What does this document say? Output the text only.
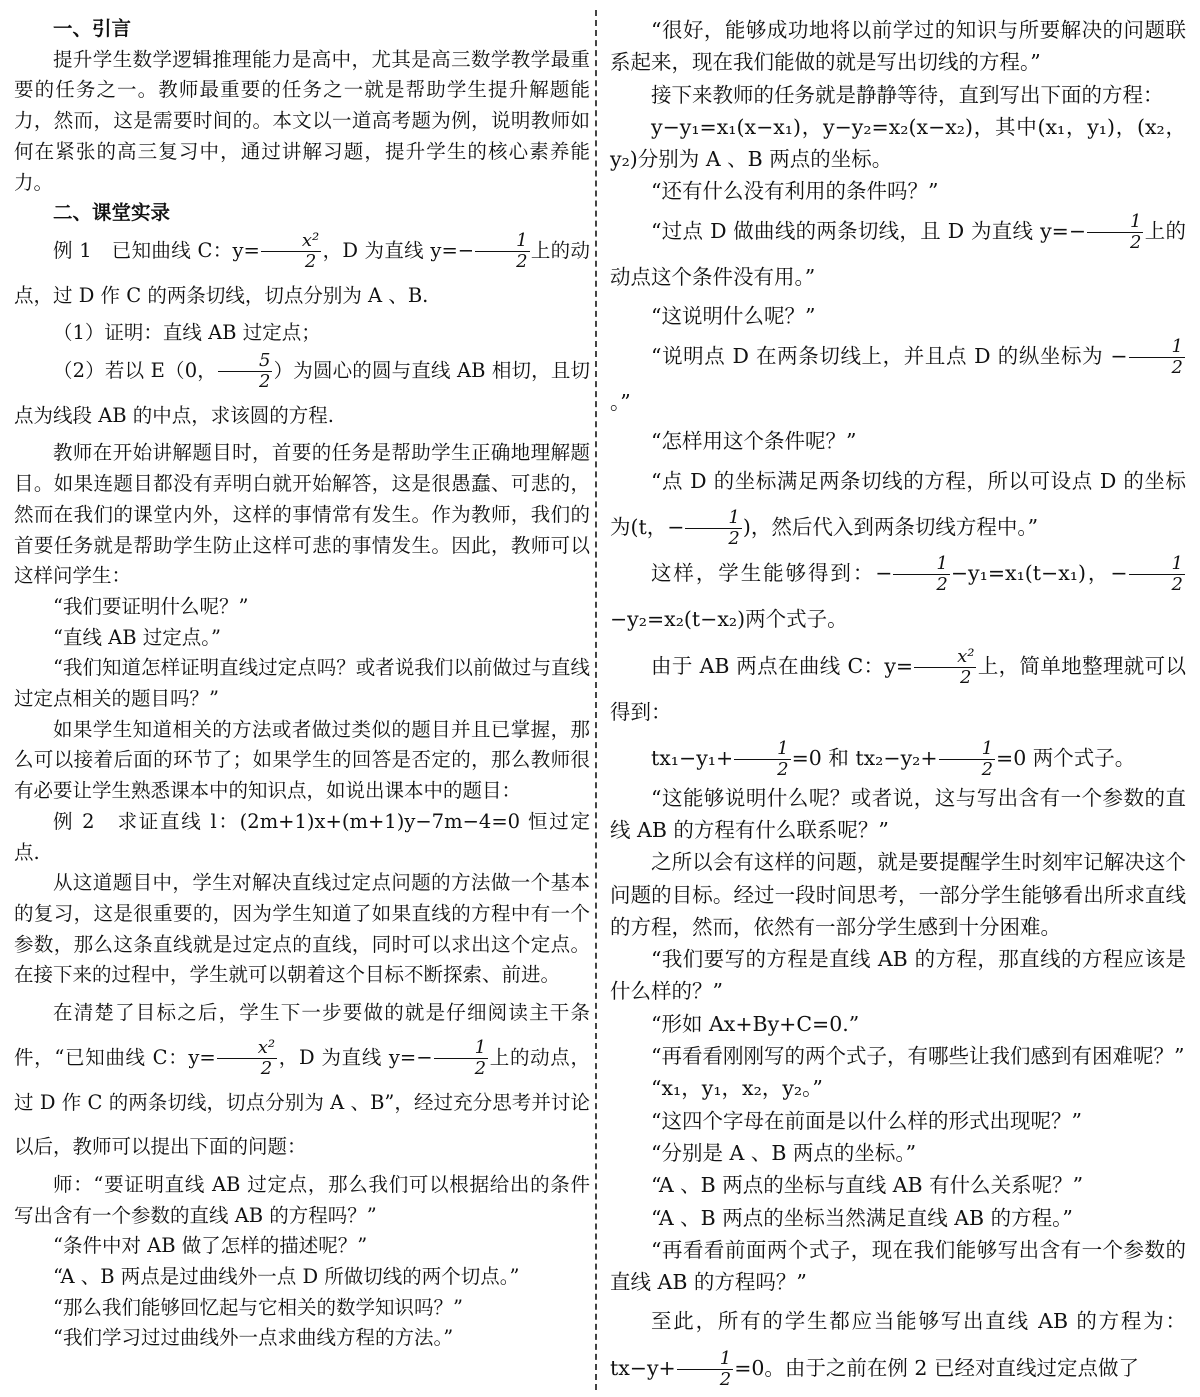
一、引言

提升学生数学逻辑推理能力是高中，尤其是高三数学教学最重要的任务之一。教师最重要的任务之一就是帮助学生提升解题能力，然而，这是需要时间的。本文以一道高考题为例，说明教师如何在紧张的高三复习中，通过讲解习题，提升学生的核心素养能力。

二、课堂实录

例 1　已知曲线 C：$y= \frac{\text{x²}}{2}$ ，D 为直线 $y=- \frac{1}{2}$ 上的动点，过 D 作 C 的两条切线，切点分别为 A 、B.

（1）证明：直线 AB 过定点；

（2）若以 E（0， $\frac{5}{2}$ ）为圆心的圆与直线 AB 相切，且切点为线段 AB 的中点，求该圆的方程.

教师在开始讲解题目时，首要的任务是帮助学生正确地理解题目。如果连题目都没有弄明白就开始解答，这是很愚蠢、可悲的，然而在我们的课堂内外，这样的事情常有发生。作为教师，我们的首要任务就是帮助学生防止这样可悲的事情发生。因此，教师可以这样问学生：

“我们要证明什么呢？”

“直线 AB 过定点。”

“我们知道怎样证明直线过定点吗？或者说我们以前做过与直线过定点相关的题目吗？”

如果学生知道相关的方法或者做过类似的题目并且已掌握，那么可以接着后面的环节了；如果学生的回答是否定的，那么教师很有必要让学生熟悉课本中的知识点，如说出课本中的题目：

例 2　求证直线 l：(2m+1)x+(m+1)y−7m−4=0 恒过定点.

从这道题目中，学生对解决直线过定点问题的方法做一个基本的复习，这是很重要的，因为学生知道了如果直线的方程中有一个参数，那么这条直线就是过定点的直线，同时可以求出这个定点。在接下来的过程中，学生就可以朝着这个目标不断探索、前进。

在清楚了目标之后，学生下一步要做的就是仔细阅读主干条件，“已知曲线 C：$y= \frac{\text{x²}}{2}$ ，D 为直线 $y=- \frac{1}{2}$ 上的动点，过 D 作 C 的两条切线，切点分别为 A 、B”，经过充分思考并讨论以后，教师可以提出下面的问题：

师：“要证明直线 AB 过定点，那么我们可以根据给出的条件写出含有一个参数的直线 AB 的方程吗？”

“条件中对 AB 做了怎样的描述呢？”

“A 、B 两点是过曲线外一点 D 所做切线的两个切点。”

“那么我们能够回忆起与它相关的数学知识吗？”

“我们学习过过曲线外一点求曲线方程的方法。”

“很好，能够成功地将以前学过的知识与所要解决的问题联系起来，现在我们能做的就是写出切线的方程。”

接下来教师的任务就是静静等待，直到写出下面的方程：

y−y₁=x₁(x−x₁)，y−y₂=x₂(x−x₂)，其中(x₁，y₁)，(x₂，y₂)分别为 A 、B 两点的坐标。

“还有什么没有利用的条件吗？”

“过点 D 做曲线的两条切线，且 D 为直线 $y=- \frac{1}{2}$ 上的动点这个条件没有用。”

“这说明什么呢？”

“说明点 D 在两条切线上，并且点 D 的纵坐标为 − $\frac{1}{2}$
。”

“怎样用这个条件呢？”

“点 D 的坐标满足两条切线的方程，所以可设点 D 的坐标为(t，− $\frac{1}{2}$ )，然后代入到两条切线方程中。”

这样，学生能够得到：− $\frac{1}{2} -y_1=x_1(t-x_1)$，− $\frac{1}{2}$
−y₂=x₂(t−x₂)两个式子。

由于 AB 两点在曲线 C：$y= \frac{\text{x²}}{2}$ 上，简单地整理就可以得到：

$tx_1-y_1+ \frac{1}{2} =0$ 和 $tx_2-y_2+ \frac{1}{2} =0$ 两个式子。

“这能够说明什么呢？或者说，这与写出含有一个参数的直线 AB 的方程有什么联系呢？”

之所以会有这样的问题，就是要提醒学生时刻牢记解决这个问题的目标。经过一段时间思考，一部分学生能够看出所求直线的方程，然而，依然有一部分学生感到十分困难。

“我们要写的方程是直线 AB 的方程，那直线的方程应该是什么样的？”

“形如 Ax+By+C=0.”

“再看看刚刚写的两个式子，有哪些让我们感到有困难呢？”

“x₁，y₁，x₂，y₂。”

“这四个字母在前面是以什么样的形式出现呢？”

“分别是 A 、B 两点的坐标。”

“A 、B 两点的坐标与直线 AB 有什么关系呢？”

“A 、B 两点的坐标当然满足直线 AB 的方程。”

“再看看前面两个式子，现在我们能够写出含有一个参数的直线 AB 的方程吗？”

至此，所有的学生都应当能够写出直线 AB 的方程为：$tx-y+ \frac{1}{2} =0$。由于之前在例 2 已经对直线过定点做了
